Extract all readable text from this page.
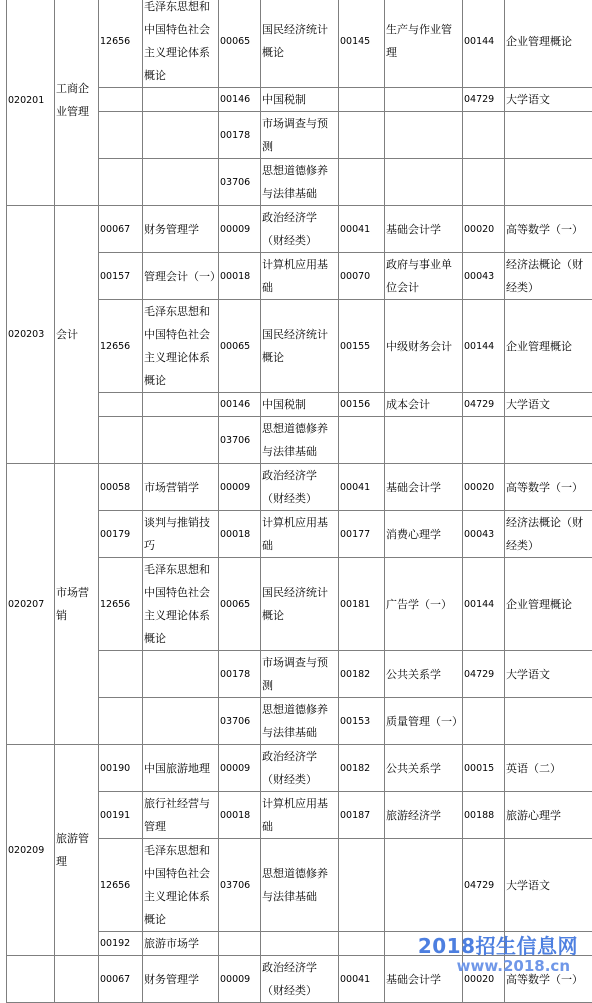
020201	工商企业管理	12656	毛泽东思想和中国特色社会主义理论体系概论	00065	国民经济统计概论	00145	生产与作业管理	00144	企业管理概论
				00146	中国税制			04729	大学语文
				00178	市场调查与预测				
				03706	思想道德修养与法律基础				
020203	会计	00067	财务管理学	00009	政治经济学（财经类）	00041	基础会计学	00020	高等数学（一）
		00157	管理会计（一）	00018	计算机应用基础	00070	政府与事业单位会计	00043	经济法概论（财经类）
		12656	毛泽东思想和中国特色社会主义理论体系概论	00065	国民经济统计概论	00155	中级财务会计	00144	企业管理概论
				00146	中国税制	00156	成本会计	04729	大学语文
				03706	思想道德修养与法律基础				
020207	市场营销	00058	市场营销学	00009	政治经济学（财经类）	00041	基础会计学	00020	高等数学（一）
		00179	谈判与推销技巧	00018	计算机应用基础	00177	消费心理学	00043	经济法概论（财经类）
		12656	毛泽东思想和中国特色社会主义理论体系概论	00065	国民经济统计概论	00181	广告学（一）	00144	企业管理概论
				00178	市场调查与预测	00182	公共关系学	04729	大学语文
				03706	思想道德修养与法律基础	00153	质量管理（一）		
020209	旅游管理	00190	中国旅游地理	00009	政治经济学（财经类）	00182	公共关系学	00015	英语（二）
		00191	旅行社经营与管理	00018	计算机应用基础	00187	旅游经济学	00188	旅游心理学
		12656	毛泽东思想和中国特色社会主义理论体系概论	03706	思想道德修养与法律基础			04729	大学语文
		00192	旅游市场学						
		00067	财务管理学	00009	政治经济学（财经类）	00041	基础会计学	00020	高等数学（一）
2018招生信息网
www.2018.cn
